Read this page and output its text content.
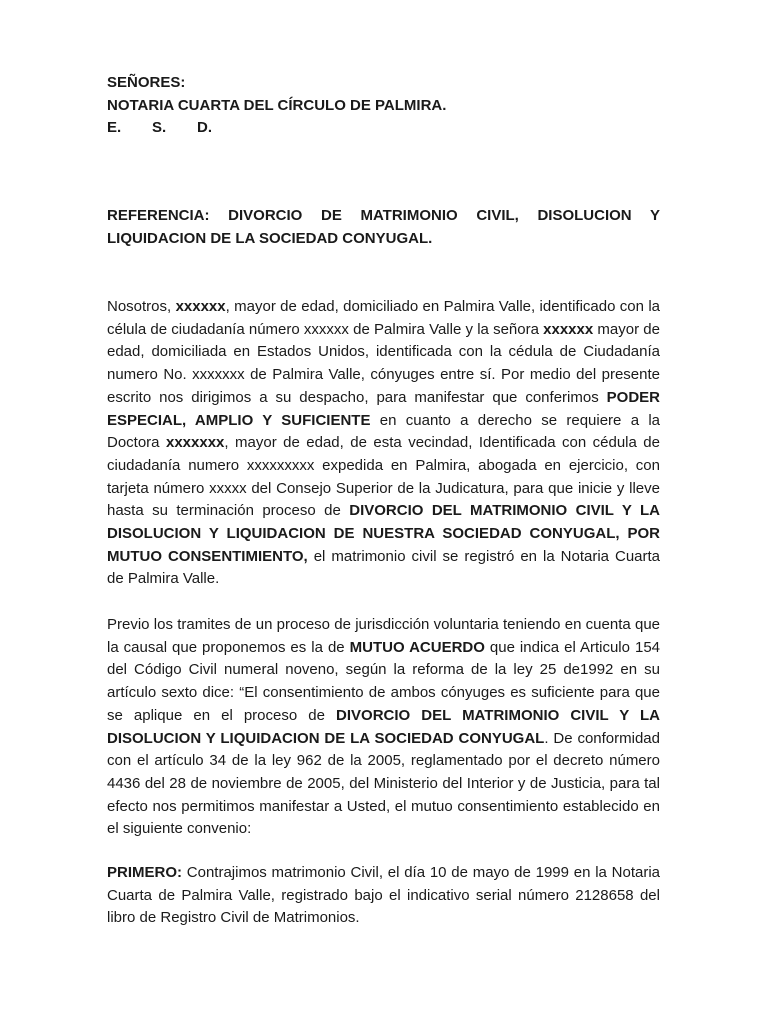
SEÑORES:
NOTARIA CUARTA DEL CÍRCULO DE PALMIRA.
E.	S.	D.
REFERENCIA: DIVORCIO DE MATRIMONIO CIVIL, DISOLUCION Y LIQUIDACION DE LA SOCIEDAD CONYUGAL.
Nosotros, xxxxxx, mayor de edad, domiciliado en Palmira Valle, identificado con la célula de ciudadanía número xxxxxx de Palmira Valle y la señora xxxxxx mayor de edad, domiciliada en Estados Unidos, identificada con la cédula de Ciudadanía numero No. xxxxxxx de Palmira Valle, cónyuges entre sí. Por medio del presente escrito nos dirigimos a su despacho, para manifestar que conferimos PODER ESPECIAL, AMPLIO Y SUFICIENTE en cuanto a derecho se requiere a la Doctora xxxxxxx, mayor de edad, de esta vecindad, Identificada con cédula de ciudadanía numero xxxxxxxxx expedida en Palmira, abogada en ejercicio, con tarjeta número xxxxx del Consejo Superior de la Judicatura, para que inicie y lleve hasta su terminación proceso de DIVORCIO DEL MATRIMONIO CIVIL Y LA DISOLUCION Y LIQUIDACION DE NUESTRA SOCIEDAD CONYUGAL, POR MUTUO CONSENTIMIENTO, el matrimonio civil se registró en la Notaria Cuarta de Palmira Valle.
Previo los tramites de un proceso de jurisdicción voluntaria teniendo en cuenta que la causal que proponemos es la de MUTUO ACUERDO que indica el Articulo 154 del Código Civil numeral noveno, según la reforma de la ley 25 de1992 en su artículo sexto dice: “El consentimiento de ambos cónyuges es suficiente para que se aplique en el proceso de DIVORCIO DEL MATRIMONIO CIVIL Y LA DISOLUCION Y LIQUIDACION DE LA SOCIEDAD CONYUGAL. De conformidad con el artículo 34 de la ley 962 de la 2005, reglamentado por el decreto número 4436 del 28 de noviembre de 2005, del Ministerio del Interior y de Justicia, para tal efecto nos permitimos manifestar a Usted, el mutuo consentimiento establecido en el siguiente convenio:
PRIMERO: Contrajimos matrimonio Civil, el día 10 de mayo de 1999 en la Notaria Cuarta de Palmira Valle, registrado bajo el indicativo serial número 2128658 del libro de Registro Civil de Matrimonios.
